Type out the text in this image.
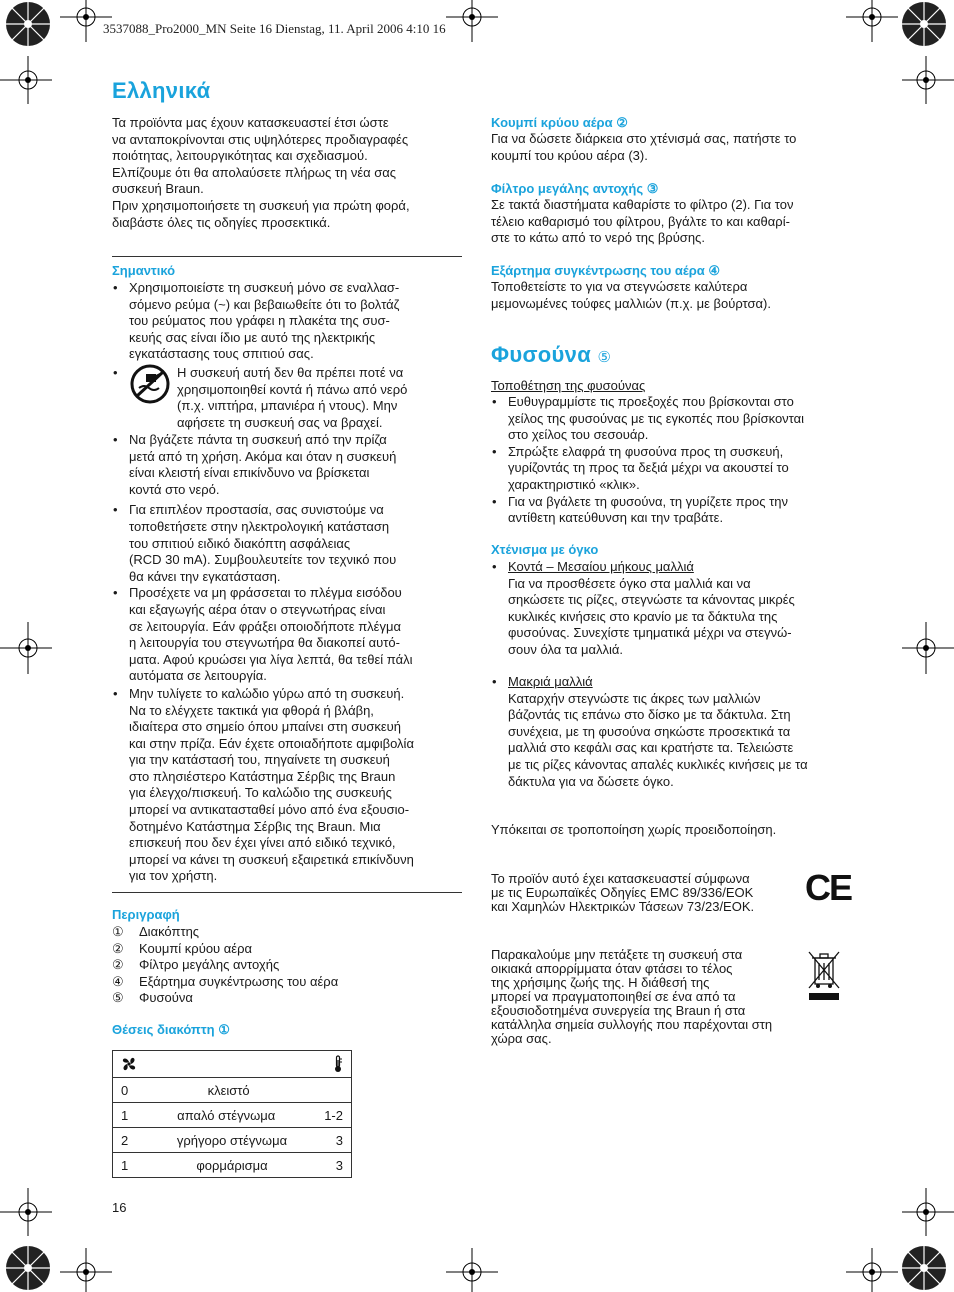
3537088_Pro2000_MN Seite 16 Dienstag, 11. April 2006 4:10 16
Ελληνικά
Τα προϊόντα μας έχουν κατασκευαστεί έτσι ώστε
να ανταποκρίνονται στις υψηλότερες προδιαγραφές
ποιότητας, λειτουργικότητας και σχεδιασμού.
Ελπίζουμε ότι θα απολαύσετε πλήρως τη νέα σας
συσκευή Braun.
Πριν χρησιμοποιήσετε τη συσκευή για πρώτη φορά,
διαβάστε όλες τις οδηγίες προσεκτικά.
Σημαντικό
• Χρησιμοποιείστε τη συσκευή μόνο σε εναλλασ-
σόμενο ρεύμα (~) και βεβαιωθείτε ότι το βολτάζ
του ρεύματος που γράφει η πλακέτα της συσ-
κευής σας είναι ίδιο με αυτό της ηλεκτρικής
εγκατάστασης τους σπιτιού σας.
•	Η συσκευή αυτή δεν θα πρέπει ποτέ να
χρησιμοποιηθεί κοντά ή πάνω από νερό
(π.χ. νιπτήρα, μπανιέρα ή ντους). Μην
αφήσετε τη συσκευή σας να βραχεί.
• Να βγάζετε πάντα τη συσκευή από την πρίζα
μετά από τη χρήση. Ακόμα και όταν η συσκευή
είναι κλειστή είναι επικίνδυνο να βρίσκεται
κοντά στο νερό.
• Για επιπλέον προστασία, σας συνιστούμε να
τοποθετήσετε στην ηλεκτρολογική κατάσταση
του σπιτιού ειδικό διακόπτη ασφάλειας
(RCD 30 mA). Συμβουλευτείτε τον τεχνικό που
θα κάνει την εγκατάσταση.
• Προσέχετε να μη φράσσεται το πλέγμα εισόδου
και εξαγωγής αέρα όταν ο στεγνωτήρας είναι
σε λειτουργία. Εάν φράξει οποιοδήποτε πλέγμα
η λειτουργία του στεγνωτήρα θα διακοπεί αυτό-
ματα. Αφού κρυώσει για λίγα λεπτά, θα τεθεί πάλι
αυτόματα σε λειτουργία.
• Μην τυλίγετε το καλώδιο γύρω από τη συσκευή.
Να το ελέγχετε τακτικά για φθορά ή βλάβη,
ιδιαίτερα στο σημείο όπου μπαίνει στη συσκευή
και στην πρίζα. Εάν έχετε οποιαδήποτε αμφιβολία
για την κατάστασή του, πηγαίνετε τη συσκευή
στο πλησιέστερο Κατάστημα Σέρβις της Braun
για έλεγχο/πισκευή. Το καλώδιο της συσκευής
μπορεί να αντικατασταθεί μόνο από ένα εξουσιο-
δοτημένο Κατάστημα Σέρβις της Braun. Μια
επισκευή που δεν έχει γίνει από ειδικό τεχνικό,
μπορεί να κάνει τη συσκευή εξαιρετικά επικίνδυνη
για τον χρήστη.
Περιγραφή
① Διακόπτης
② Κουμπί κρύου αέρα
② Φίλτρο μεγάλης αντοχής
④ Εξάρτημα συγκέντρωσης του αέρα
⑤ Φυσούνα
Θέσεις διακόπτη ①

0	κλειστό

1	απαλό στέγνωμα	1-2

2	γρήγορο στέγνωμα	3

1	φορμάρισμα	3
16
Κουμπί κρύου αέρα ②
Για να δώσετε διάρκεια στο χτένισμά σας, πατήστε το
κουμπί του κρύου αέρα (3).
Φίλτρο μεγάλης αντοχής ③
Σε τακτά διαστήματα καθαρίστε το φίλτρο (2). Για τον
τέλειο καθαρισμό του φίλτρου, βγάλτε το και καθαρί-
στε το κάτω από το νερό της βρύσης.
Εξάρτημα συγκέντρωσης του αέρα ④
Τοποθετείστε το για να στεγνώσετε καλύτερα
μεμονωμένες τούφες μαλλιών (π.χ. με βούρτσα).
Φυσούνα ⑤
Τοποθέτηση της φυσούνας
• Ευθυγραμμίστε τις προεξοχές που βρίσκονται στο
χείλος της φυσούνας με τις εγκοπές που βρίσκονται
στο χείλος του σεσουάρ.
• Σπρώξτε ελαφρά τη φυσούνα προς τη συσκευή,
γυρίζοντάς τη προς τα δεξιά μέχρι να ακουστεί το
χαρακτηριστικό «κλικ».
• Για να βγάλετε τη φυσούνα, τη γυρίζετε προς την
αντίθετη κατεύθυνση και την τραβάτε.
Χτένισμα με όγκο
• Κοντά – Μεσαίου μήκους μαλλιά
Για να προσθέσετε όγκο στα μαλλιά και να
σηκώσετε τις ρίζες, στεγνώστε τα κάνοντας μικρές
κυκλικές κινήσεις στο κρανίο με τα δάκτυλα της
φυσούνας. Συνεχίστε τμηματικά μέχρι να στεγνώ-
σουν όλα τα μαλλιά.
• Μακριά μαλλιά
Καταρχήν στεγνώστε τις άκρες των μαλλιών
βάζοντάς τις επάνω στο δίσκο με τα δάκτυλα. Στη
συνέχεια, με τη φυσούνα σηκώστε προσεκτικά τα
μαλλιά στο κεφάλι σας και κρατήστε τα. Τελειώστε
με τις ρίζες κάνοντας απαλές κυκλικές κινήσεις με τα
δάκτυλα για να δώσετε όγκο.
Υπόκειται σε τροποποίηση χωρίς προειδοποίηση.
Το προϊόν αυτό έχει κατασκευαστεί σύμφωνα
με τις Ευρωπαϊκές Οδηγίες EMC 89/336/EOK
και Χαμηλών Ηλεκτρικών Τάσεων 73/23/EOK.	CE
Παρακαλούμε μην πετάξετε τη συσκευή στα
οικιακά απορρίμματα όταν φτάσει το τέλος
της χρήσιμης ζωής της. Η διάθεσή της
μπορεί να πραγματοποιηθεί σε ένα από τα
εξουσιοδοτημένα συνεργεία της Braun ή στα
κατάλληλα σημεία συλλογής που παρέχονται στη
χώρα σας.
